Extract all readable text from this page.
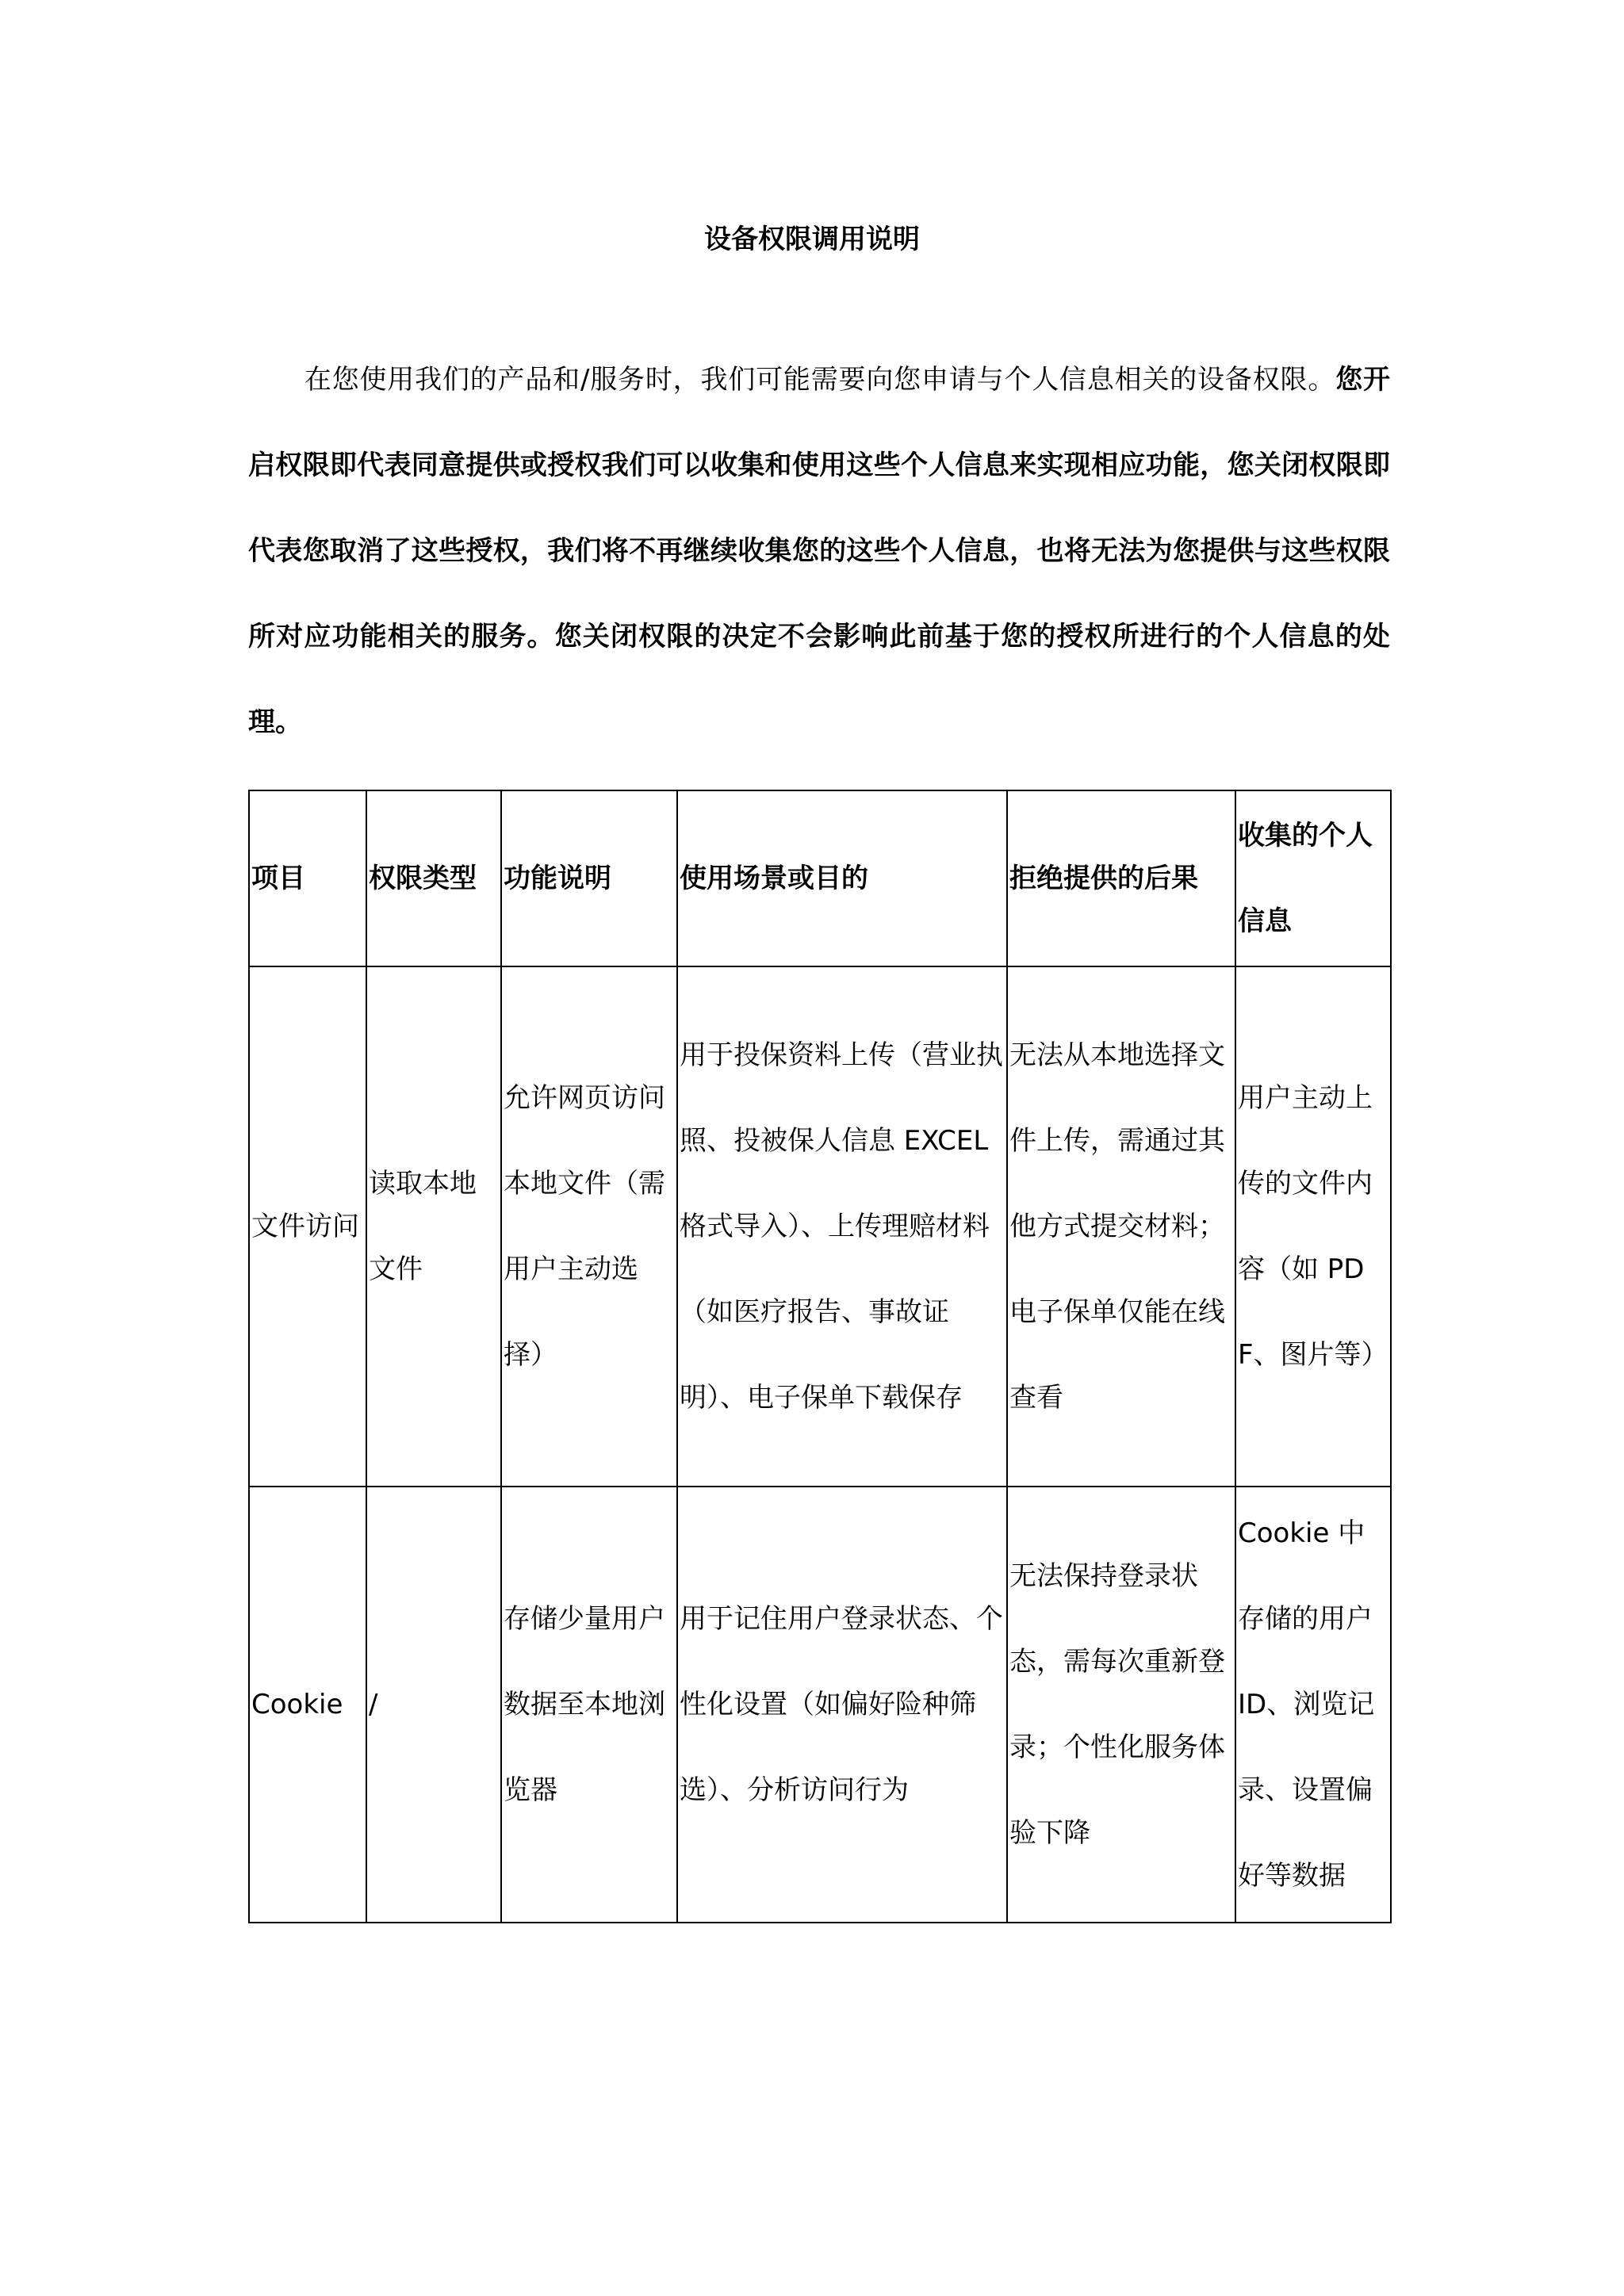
设备权限调用说明

在您使用我们的产品和/服务时，我们可能需要向您申请与个人信息相关的设备权限。您开启权限即代表同意提供或授权我们可以收集和使用这些个人信息来实现相应功能，您关闭权限即代表您取消了这些授权，我们将不再继续收集您的这些个人信息，也将无法为您提供与这些权限所对应功能相关的服务。您关闭权限的决定不会影响此前基于您的授权所进行的个人信息的处理。

项目	权限类型	功能说明	使用场景或目的	拒绝提供的后果	收集的个人信息
文件访问	读取本地文件	允许网页访问本地文件（需用户主动选择）	用于投保资料上传（营业执照、投被保人信息 EXCEL 格式导入）、上传理赔材料（如医疗报告、事故证明）、电子保单下载保存	无法从本地选择文件上传，需通过其他方式提交材料；电子保单仅能在线查看	用户主动上传的文件内容（如 PDF、图片等）
Cookie	/	存储少量用户数据至本地浏览器	用于记住用户登录状态、个性化设置（如偏好险种筛选）、分析访问行为	无法保持登录状态，需每次重新登录；个性化服务体验下降	Cookie 中存储的用户 ID、浏览记录、设置偏好等数据
